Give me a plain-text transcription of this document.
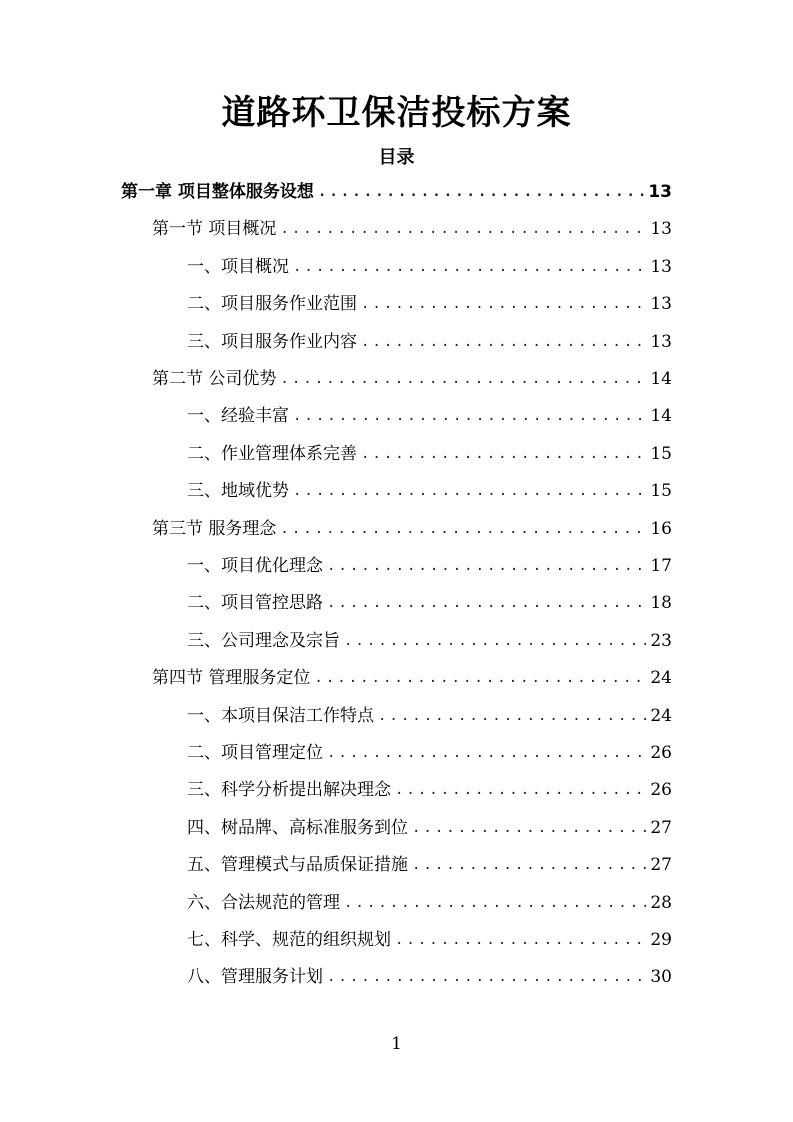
道路环卫保洁投标方案
目录
第一章 项目整体服务设想 .....	13
第一节 项目概况 .....	13
一、项目概况 .....	13
二、项目服务作业范围 .....	13
三、项目服务作业内容 .....	13
第二节 公司优势 .....	14
一、经验丰富 .....	14
二、作业管理体系完善 .....	15
三、地域优势 .....	15
第三节 服务理念 .....	16
一、项目优化理念 .....	17
二、项目管控思路 .....	18
三、公司理念及宗旨 .....	23
第四节 管理服务定位 .....	24
一、本项目保洁工作特点 .....	24
二、项目管理定位 .....	26
三、科学分析提出解决理念 .....	26
四、树品牌、高标准服务到位 .....	27
五、管理模式与品质保证措施 .....	27
六、合法规范的管理 .....	28
七、科学、规范的组织规划 .....	29
八、管理服务计划 .....	30
1
